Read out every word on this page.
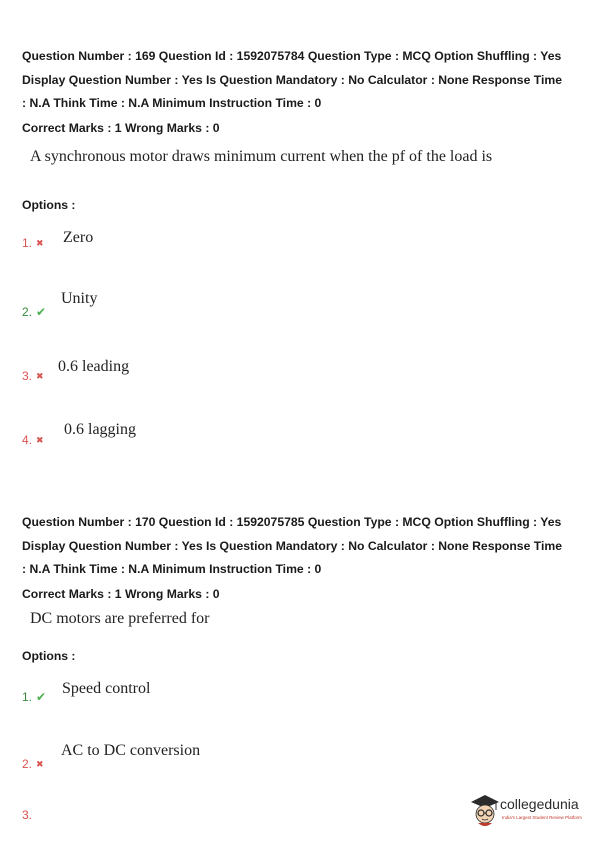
Question Number : 169 Question Id : 1592075784 Question Type : MCQ Option Shuffling : Yes
Display Question Number : Yes Is Question Mandatory : No Calculator : None Response Time
: N.A Think Time : N.A Minimum Instruction Time : 0
Correct Marks : 1 Wrong Marks : 0
A synchronous motor draws minimum current when the pf of the load is
Options :
1. ✖ Zero
2. ✔
Unity
3. ✖
0.6 leading
4. ✖
0.6 lagging
Question Number : 170 Question Id : 1592075785 Question Type : MCQ Option Shuffling : Yes
Display Question Number : Yes Is Question Mandatory : No Calculator : None Response Time
: N.A Think Time : N.A Minimum Instruction Time : 0
Correct Marks : 1 Wrong Marks : 0
DC motors are preferred for
Options :
1. ✔ Speed control
2. ✖
AC to DC conversion
3.
collegedunia
India's Largest Student Review Platform
